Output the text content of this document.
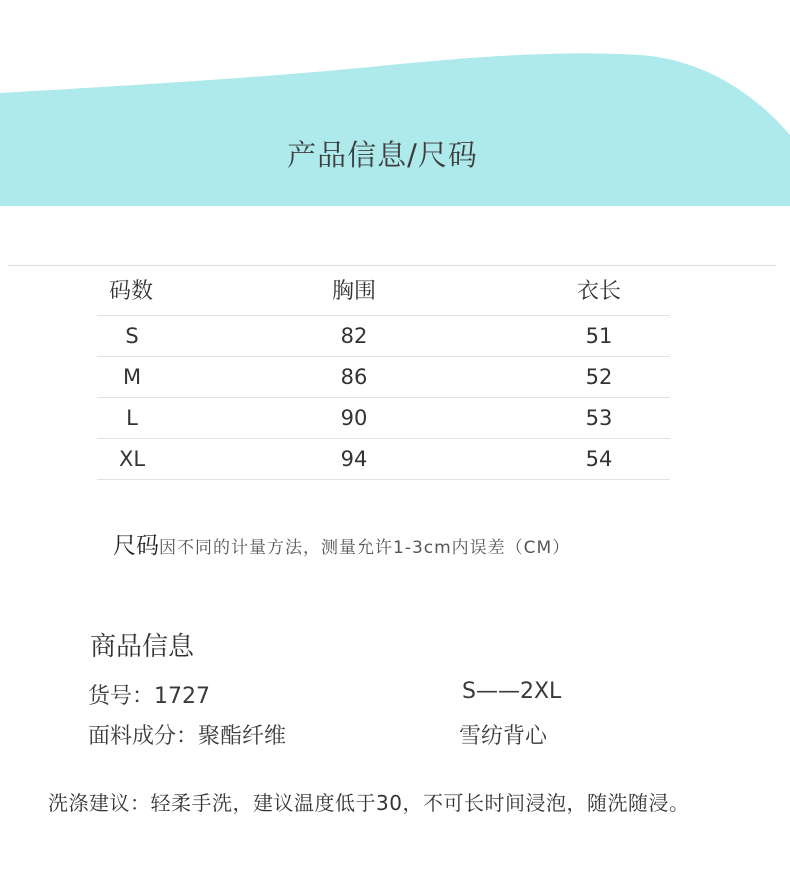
产品信息/尺码
码数	胸围	衣长
S	82	51
M	86	52
L	90	53
XL	94	54
尺码因不同的计量方法，测量允许1-3cm内误差（CM）
商品信息
货号：1727	S——2XL
面料成分：聚酯纤维	雪纺背心
洗涤建议：轻柔手洗，建议温度低于30，不可长时间浸泡，随洗随浸。
